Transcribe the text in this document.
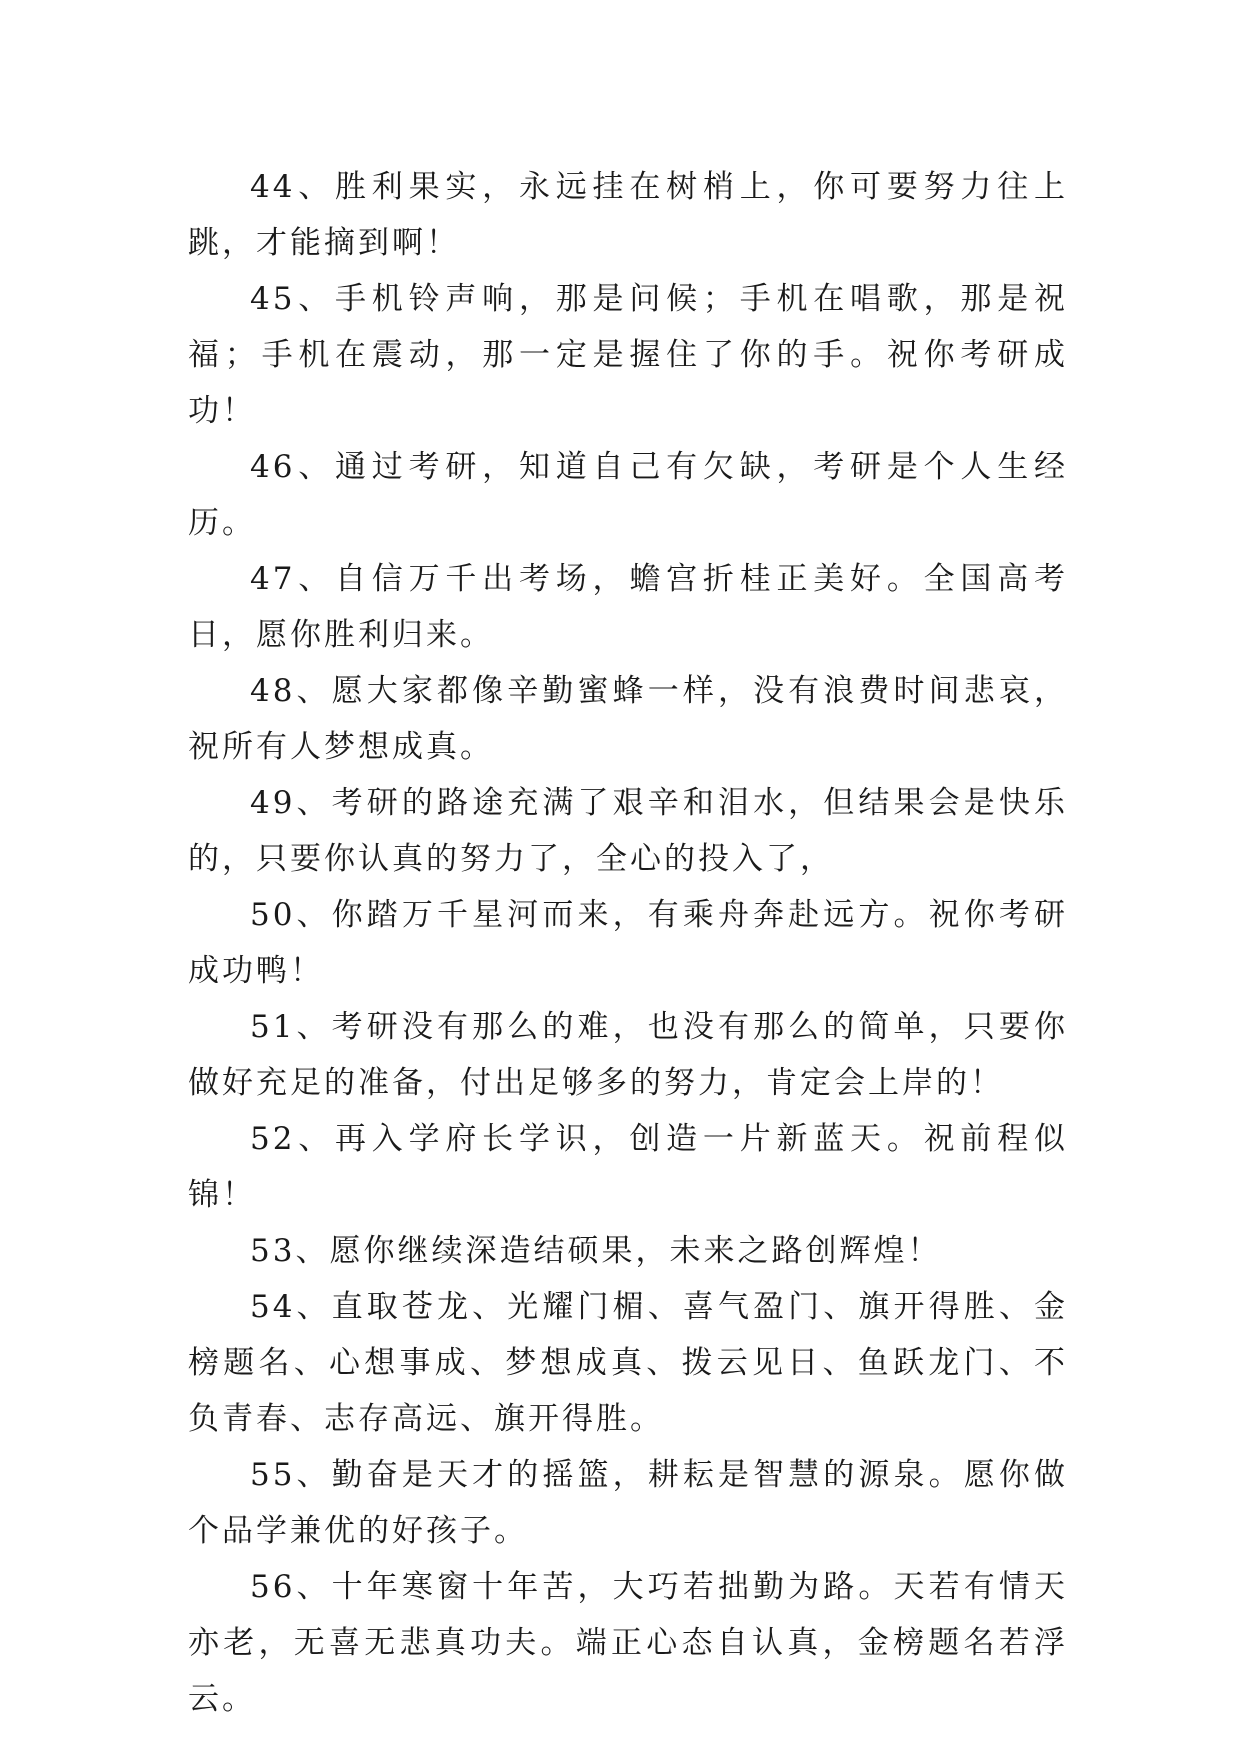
44、胜利果实，永远挂在树梢上，你可要努力往上跳，才能摘到啊！

45、手机铃声响，那是问候；手机在唱歌，那是祝福；手机在震动，那一定是握住了你的手。祝你考研成功！

46、通过考研，知道自己有欠缺，考研是个人生经历。

47、自信万千出考场，蟾宫折桂正美好。全国高考日，愿你胜利归来。

48、愿大家都像辛勤蜜蜂一样，没有浪费时间悲哀，祝所有人梦想成真。

49、考研的路途充满了艰辛和泪水，但结果会是快乐的，只要你认真的努力了，全心的投入了，

50、你踏万千星河而来，有乘舟奔赴远方。祝你考研成功鸭！

51、考研没有那么的难，也没有那么的简单，只要你做好充足的准备，付出足够多的努力，肯定会上岸的！

52、再入学府长学识，创造一片新蓝天。祝前程似锦！

53、愿你继续深造结硕果，未来之路创辉煌！

54、直取苍龙、光耀门楣、喜气盈门、旗开得胜、金榜题名、心想事成、梦想成真、拨云见日、鱼跃龙门、不负青春、志存高远、旗开得胜。

55、勤奋是天才的摇篮，耕耘是智慧的源泉。愿你做个品学兼优的好孩子。

56、十年寒窗十年苦，大巧若拙勤为路。天若有情天亦老，无喜无悲真功夫。端正心态自认真，金榜题名若浮云。
